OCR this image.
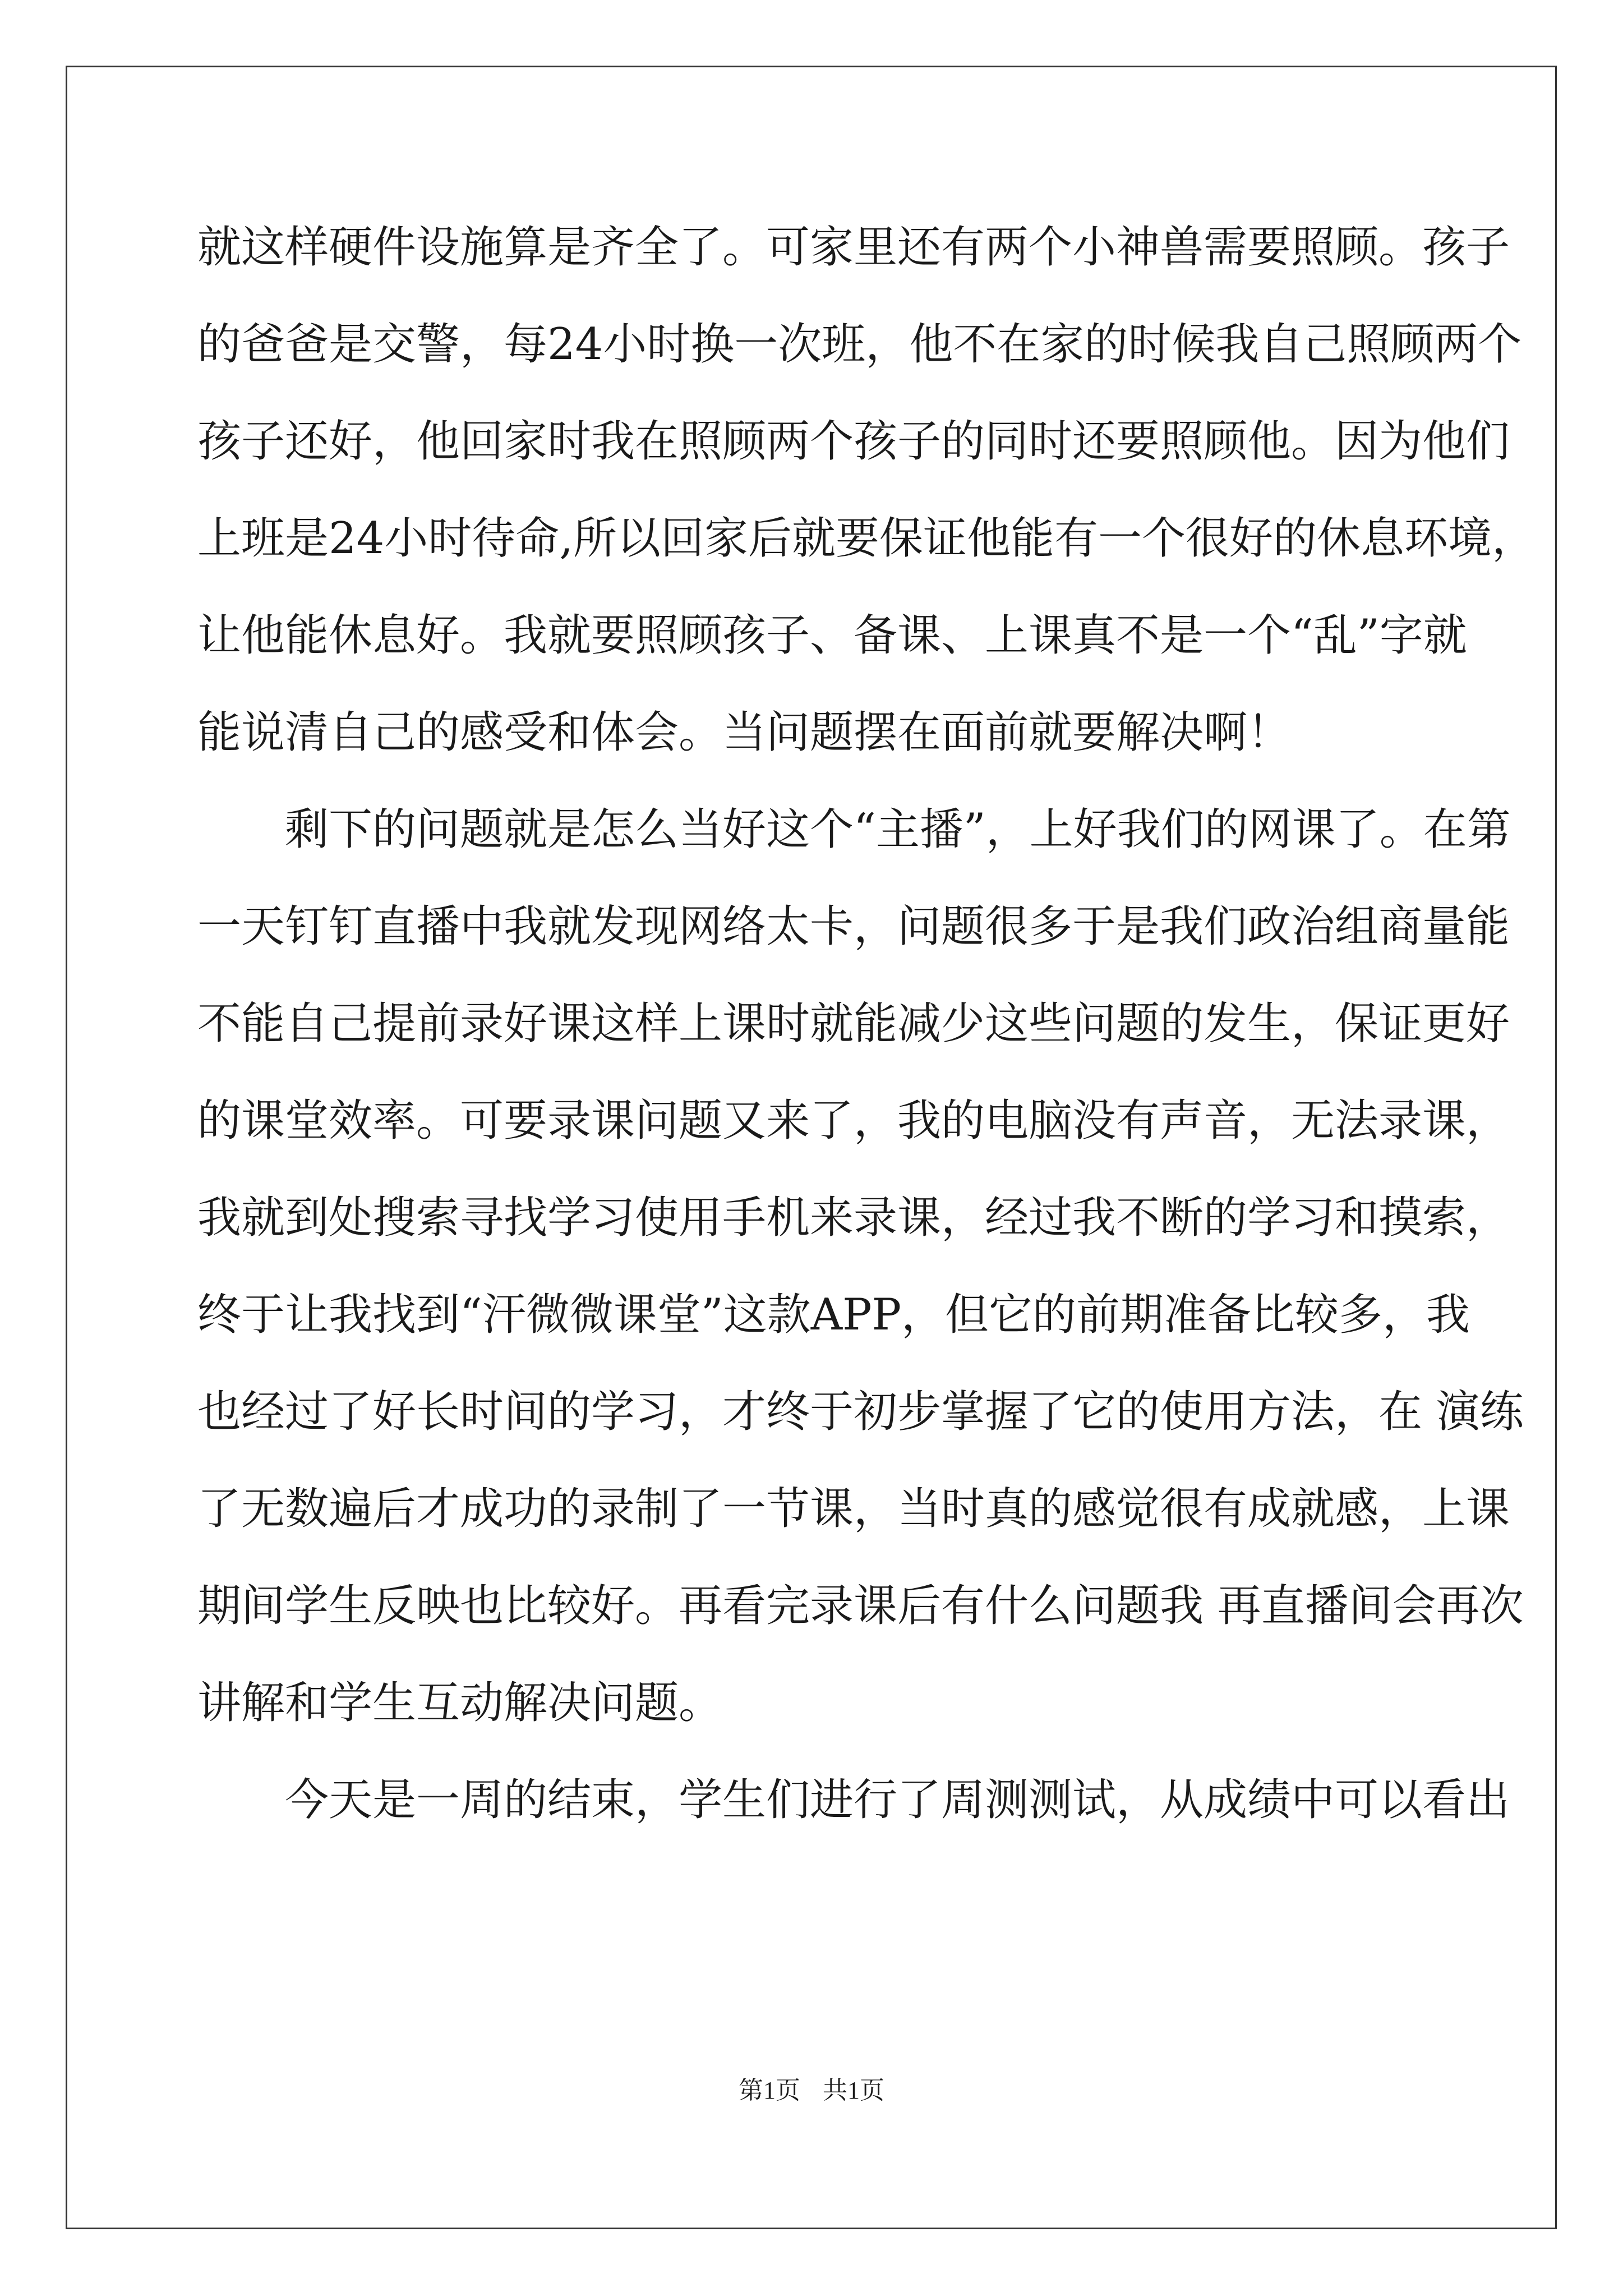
就这样硬件设施算是齐全了。可家里还有两个小神兽需要照顾。孩子
的爸爸是交警，每24小时换一次班，他不在家的时候我自己照顾两个
孩子还好，他回家时我在照顾两个孩子的同时还要照顾他。因为他们
上班是24小时待命,所以回家后就要保证他能有一个很好的休息环境，
让他能休息好。我就要照顾孩子、备课、上课真不是一个“乱”字就
能说清自己的感受和体会。当问题摆在面前就要解决啊！
剩下的问题就是怎么当好这个“主播”，上好我们的网课了。在第
一天钉钉直播中我就发现网络太卡，问题很多于是我们政治组商量能
不能自己提前录好课这样上课时就能减少这些问题的发生，保证更好
的课堂效率。可要录课问题又来了，我的电脑没有声音，无法录课，
我就到处搜索寻找学习使用手机来录课，经过我不断的学习和摸索，
终于让我找到“汗微微课堂”这款APP，但它的前期准备比较多，我
也经过了好长时间的学习，才终于初步掌握了它的使用方法，在 演练
了无数遍后才成功的录制了一节课，当时真的感觉很有成就感，上课
期间学生反映也比较好。再看完录课后有什么问题我 再直播间会再次
讲解和学生互动解决问题。
今天是一周的结束，学生们进行了周测测试，从成绩中可以看出
第1页 共1页
